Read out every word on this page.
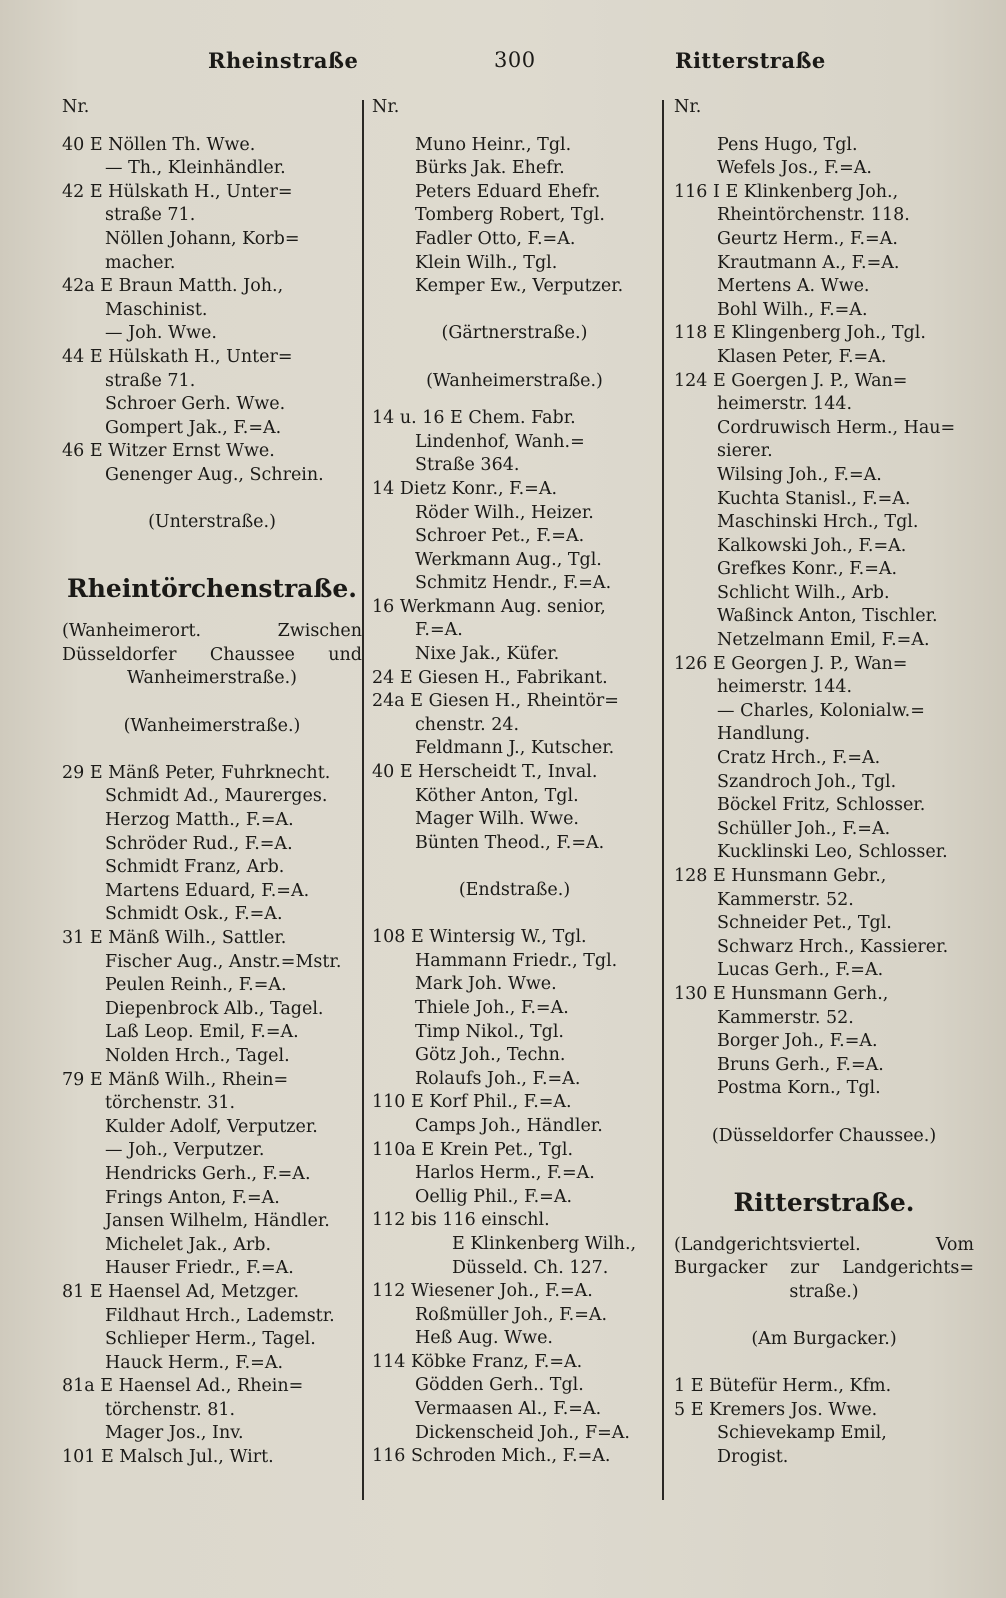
Rheinstraße	300	Ritterstraße
Nr.
40 E Nöllen Th. Wwe.
— Th., Kleinhändler.
42 E Hülskath H., Unter=
straße 71.
Nöllen Johann, Korb=
macher.
42a E Braun Matth. Joh.,
Maschinist.
— Joh. Wwe.
44 E Hülskath H., Unter=
straße 71.
Schroer Gerh. Wwe.
Gompert Jak., F.=A.
46 E Witzer Ernst Wwe.
Genenger Aug., Schrein.
(Unterstraße.)
Rheintörchenstraße.
(Wanheimerort. Zwischen
Düsseldorfer Chaussee und
Wanheimerstraße.)
(Wanheimerstraße.)
29 E Mänß Peter, Fuhrknecht.
Schmidt Ad., Maurerges.
Herzog Matth., F.=A.
Schröder Rud., F.=A.
Schmidt Franz, Arb.
Martens Eduard, F.=A.
Schmidt Osk., F.=A.
31 E Mänß Wilh., Sattler.
Fischer Aug., Anstr.=Mstr.
Peulen Reinh., F.=A.
Diepenbrock Alb., Tagel.
Laß Leop. Emil, F.=A.
Nolden Hrch., Tagel.
79 E Mänß Wilh., Rhein=
törchenstr. 31.
Kulder Adolf, Verputzer.
— Joh., Verputzer.
Hendricks Gerh., F.=A.
Frings Anton, F.=A.
Jansen Wilhelm, Händler.
Michelet Jak., Arb.
Hauser Friedr., F.=A.
81 E Haensel Ad, Metzger.
Fildhaut Hrch., Lademstr.
Schlieper Herm., Tagel.
Hauck Herm., F.=A.
81a E Haensel Ad., Rhein=
törchenstr. 81.
Mager Jos., Inv.
101 E Malsch Jul., Wirt.
Nr.
Muno Heinr., Tgl.
Bürks Jak. Ehefr.
Peters Eduard Ehefr.
Tomberg Robert, Tgl.
Fadler Otto, F.=A.
Klein Wilh., Tgl.
Kemper Ew., Verputzer.
(Gärtnerstraße.)
(Wanheimerstraße.)
14 u. 16 E Chem. Fabr.
Lindenhof, Wanh.=
Straße 364.
14 Dietz Konr., F.=A.
Röder Wilh., Heizer.
Schroer Pet., F.=A.
Werkmann Aug., Tgl.
Schmitz Hendr., F.=A.
16 Werkmann Aug. senior,
F.=A.
Nixe Jak., Küfer.
24 E Giesen H., Fabrikant.
24a E Giesen H., Rheintör=
chenstr. 24.
Feldmann J., Kutscher.
40 E Herscheidt T., Inval.
Köther Anton, Tgl.
Mager Wilh. Wwe.
Bünten Theod., F.=A.
(Endstraße.)
108 E Wintersig W., Tgl.
Hammann Friedr., Tgl.
Mark Joh. Wwe.
Thiele Joh., F.=A.
Timp Nikol., Tgl.
Götz Joh., Techn.
Rolaufs Joh., F.=A.
110 E Korf Phil., F.=A.
Camps Joh., Händler.
110a E Krein Pet., Tgl.
Harlos Herm., F.=A.
Oellig Phil., F.=A.
112 bis 116 einschl.
E Klinkenberg Wilh.,
Düsseld. Ch. 127.
112 Wiesener Joh., F.=A.
Roßmüller Joh., F.=A.
Heß Aug. Wwe.
114 Köbke Franz, F.=A.
Gödden Gerh.. Tgl.
Vermaasen Al., F.=A.
Dickenscheid Joh., F=A.
116 Schroden Mich., F.=A.
Nr.
Pens Hugo, Tgl.
Wefels Jos., F.=A.
116 I E Klinkenberg Joh.,
Rheintörchenstr. 118.
Geurtz Herm., F.=A.
Krautmann A., F.=A.
Mertens A. Wwe.
Bohl Wilh., F.=A.
118 E Klingenberg Joh., Tgl.
Klasen Peter, F.=A.
124 E Goergen J. P., Wan=
heimerstr. 144.
Cordruwisch Herm., Hau=
sierer.
Wilsing Joh., F.=A.
Kuchta Stanisl., F.=A.
Maschinski Hrch., Tgl.
Kalkowski Joh., F.=A.
Grefkes Konr., F.=A.
Schlicht Wilh., Arb.
Waßinck Anton, Tischler.
Netzelmann Emil, F.=A.
126 E Georgen J. P., Wan=
heimerstr. 144.
— Charles, Kolonialw.=
Handlung.
Cratz Hrch., F.=A.
Szandroch Joh., Tgl.
Böckel Fritz, Schlosser.
Schüller Joh., F.=A.
Kucklinski Leo, Schlosser.
128 E Hunsmann Gebr.,
Kammerstr. 52.
Schneider Pet., Tgl.
Schwarz Hrch., Kassierer.
Lucas Gerh., F.=A.
130 E Hunsmann Gerh.,
Kammerstr. 52.
Borger Joh., F.=A.
Bruns Gerh., F.=A.
Postma Korn., Tgl.
(Düsseldorfer Chaussee.)
Ritterstraße.
(Landgerichtsviertel. Vom
Burgacker zur Landgerichts=
straße.)
(Am Burgacker.)
1 E Bütefür Herm., Kfm.
5 E Kremers Jos. Wwe.
Schievekamp Emil,
Drogist.
